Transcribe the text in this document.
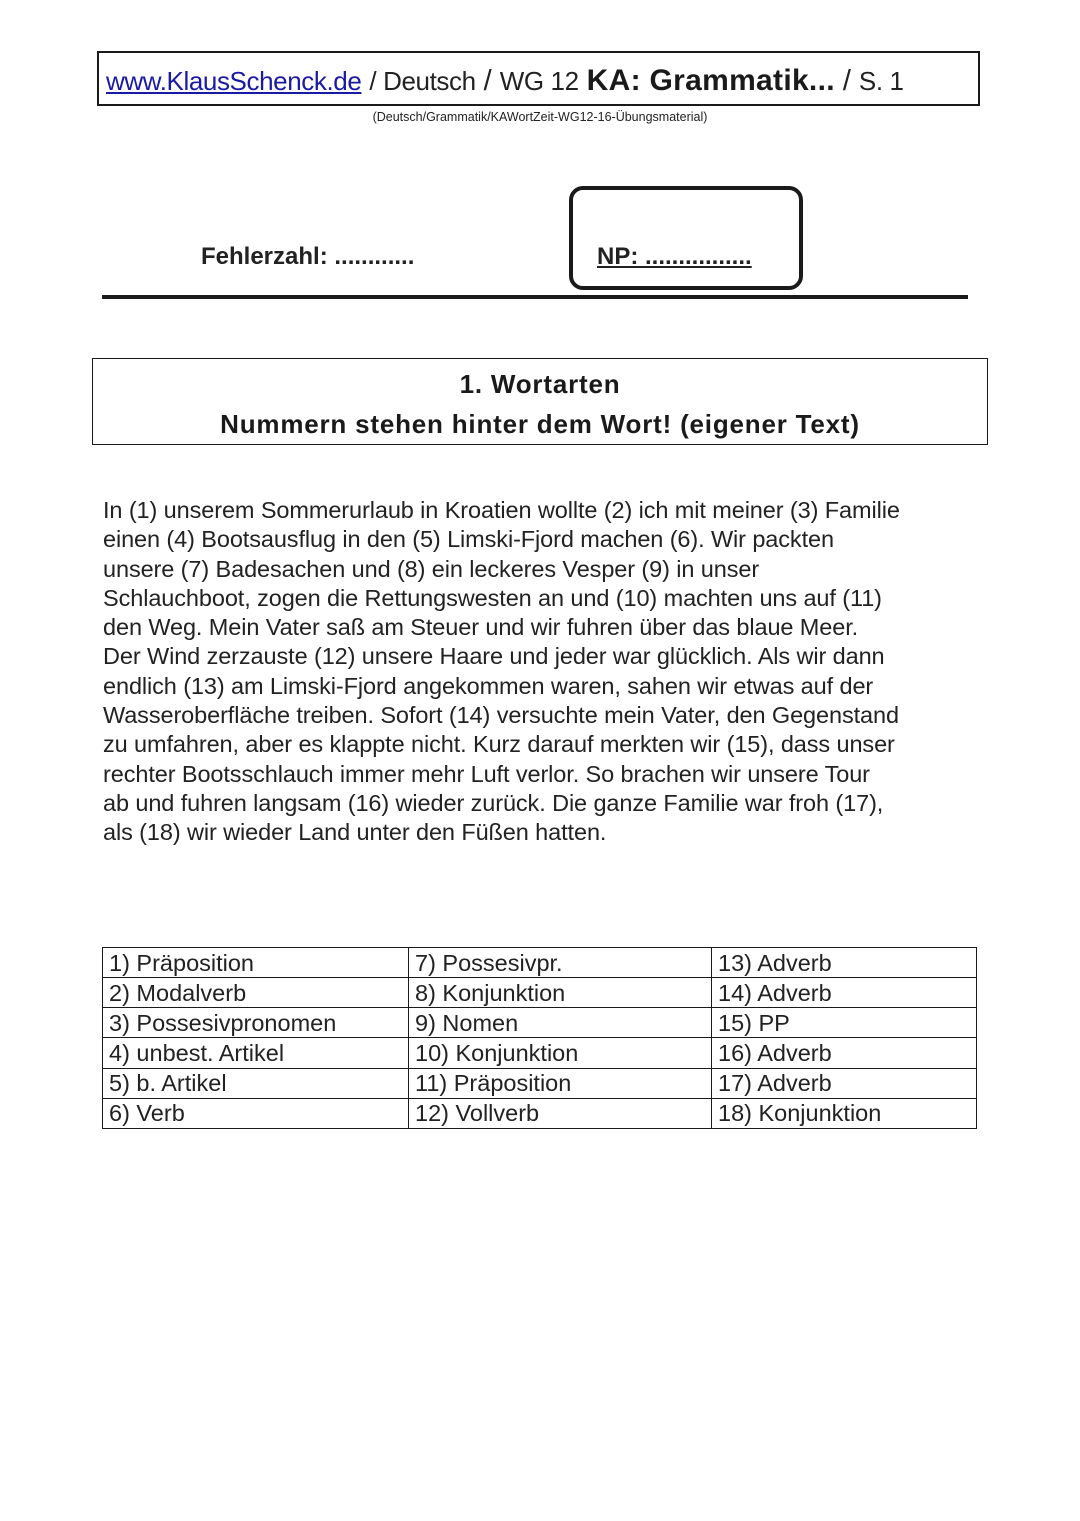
www.KlausSchenck.de / Deutsch / WG 12 KA: Grammatik... / S. 1
(Deutsch/Grammatik/KAWortZeit-WG12-16-Übungsmaterial)
Fehlerzahl: ............	NP: ................
1. Wortarten
Nummern stehen hinter dem Wort! (eigener Text)
In (1) unserem Sommerurlaub in Kroatien wollte (2) ich mit meiner (3) Familie
einen (4) Bootsausflug in den (5) Limski-Fjord machen (6). Wir packten
unsere (7) Badesachen und (8) ein leckeres Vesper (9) in unser
Schlauchboot, zogen die Rettungswesten an und (10) machten uns auf (11)
den Weg. Mein Vater saß am Steuer und wir fuhren über das blaue Meer.
Der Wind zerzauste (12) unsere Haare und jeder war glücklich. Als wir dann
endlich (13) am Limski-Fjord angekommen waren, sahen wir etwas auf der
Wasseroberfläche treiben. Sofort (14) versuchte mein Vater, den Gegenstand
zu umfahren, aber es klappte nicht. Kurz darauf merkten wir (15), dass unser
rechter Bootsschlauch immer mehr Luft verlor. So brachen wir unsere Tour
ab und fuhren langsam (16) wieder zurück. Die ganze Familie war froh (17),
als (18) wir wieder Land unter den Füßen hatten.
1) Präposition	7) Possesivpr.	13) Adverb
2) Modalverb	8) Konjunktion	14) Adverb
3) Possesivpronomen	9) Nomen	15) PP
4) unbest. Artikel	10) Konjunktion	16) Adverb
5) b. Artikel	11) Präposition	17) Adverb
6) Verb	12) Vollverb	18) Konjunktion
